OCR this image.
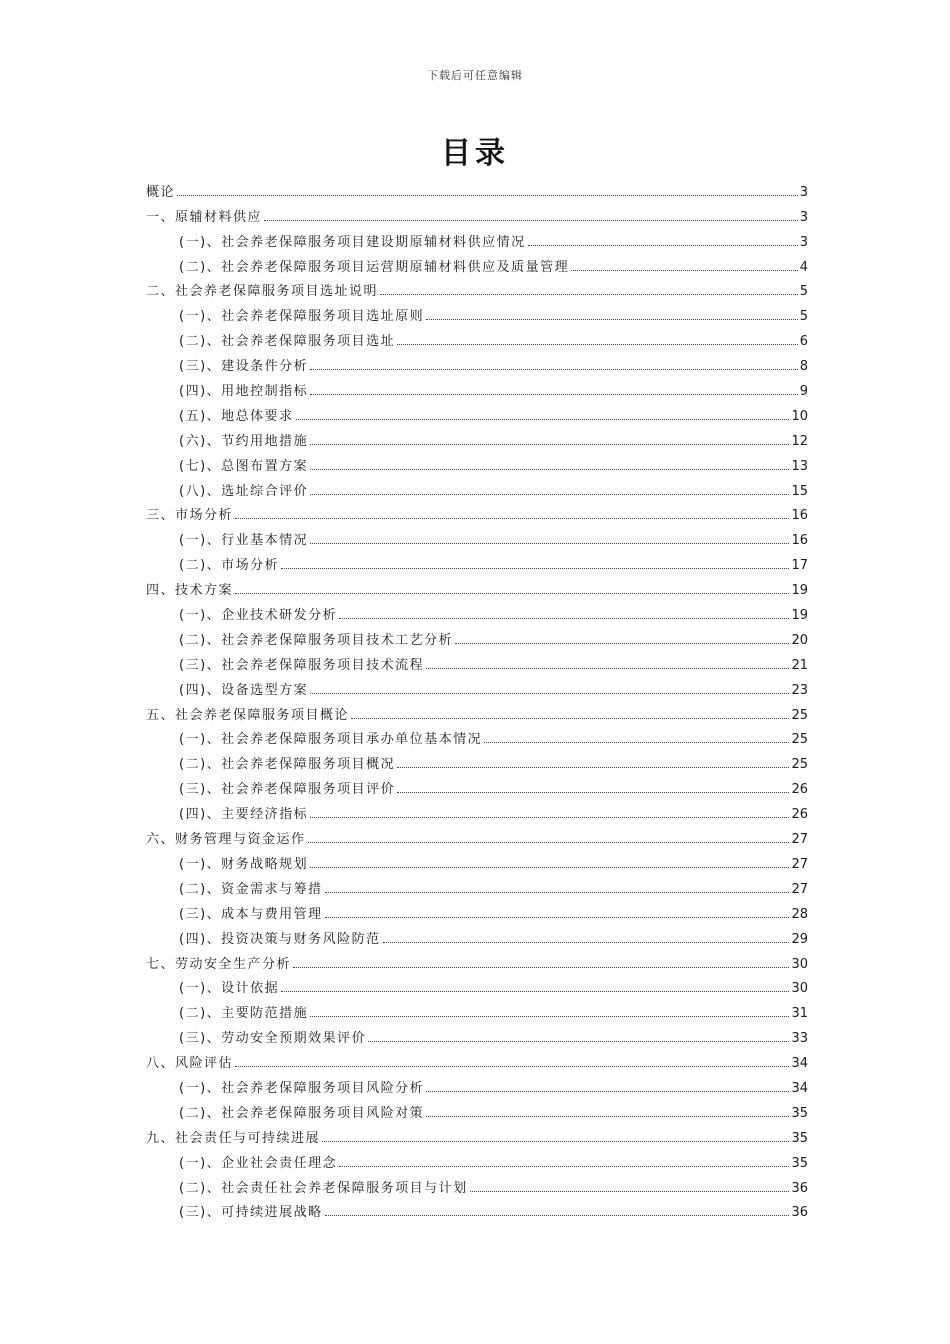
下载后可任意编辑
目录
概论	3
一、原辅材料供应	3
(一)、社会养老保障服务项目建设期原辅材料供应情况	3
(二)、社会养老保障服务项目运营期原辅材料供应及质量管理	4
二、社会养老保障服务项目选址说明	5
(一)、社会养老保障服务项目选址原则	5
(二)、社会养老保障服务项目选址	6
(三)、建设条件分析	8
(四)、用地控制指标	9
(五)、地总体要求	10
(六)、节约用地措施	12
(七)、总图布置方案	13
(八)、选址综合评价	15
三、市场分析	16
(一)、行业基本情况	16
(二)、市场分析	17
四、技术方案	19
(一)、企业技术研发分析	19
(二)、社会养老保障服务项目技术工艺分析	20
(三)、社会养老保障服务项目技术流程	21
(四)、设备选型方案	23
五、社会养老保障服务项目概论	25
(一)、社会养老保障服务项目承办单位基本情况	25
(二)、社会养老保障服务项目概况	25
(三)、社会养老保障服务项目评价	26
(四)、主要经济指标	26
六、财务管理与资金运作	27
(一)、财务战略规划	27
(二)、资金需求与筹措	27
(三)、成本与费用管理	28
(四)、投资决策与财务风险防范	29
七、劳动安全生产分析	30
(一)、设计依据	30
(二)、主要防范措施	31
(三)、劳动安全预期效果评价	33
八、风险评估	34
(一)、社会养老保障服务项目风险分析	34
(二)、社会养老保障服务项目风险对策	35
九、社会责任与可持续进展	35
(一)、企业社会责任理念	35
(二)、社会责任社会养老保障服务项目与计划	36
(三)、可持续进展战略	36
